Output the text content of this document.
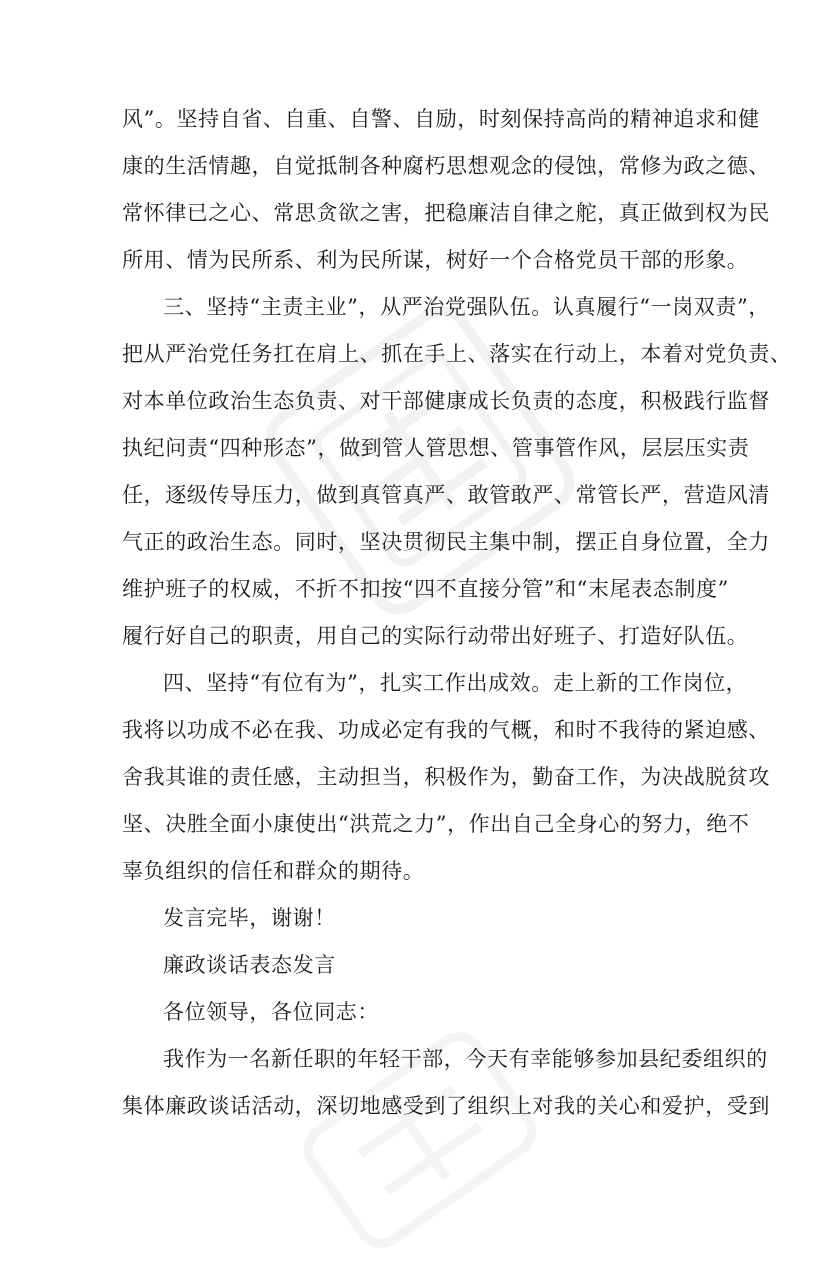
风”。坚持自省、自重、自警、自励，时刻保持高尚的精神追求和健
康的生活情趣，自觉抵制各种腐朽思想观念的侵蚀，常修为政之德、
常怀律已之心、常思贪欲之害，把稳廉洁自律之舵，真正做到权为民
所用、情为民所系、利为民所谋，树好一个合格党员干部的形象。
三、坚持“主责主业”，从严治党强队伍。认真履行“一岗双责”，
把从严治党任务扛在肩上、抓在手上、落实在行动上，本着对党负责、
对本单位政治生态负责、对干部健康成长负责的态度，积极践行监督
执纪问责“四种形态”，做到管人管思想、管事管作风，层层压实责
任，逐级传导压力，做到真管真严、敢管敢严、常管长严，营造风清
气正的政治生态。同时，坚决贯彻民主集中制，摆正自身位置，全力
维护班子的权威，不折不扣按“四不直接分管”和“末尾表态制度”
履行好自己的职责，用自己的实际行动带出好班子、打造好队伍。
四、坚持“有位有为”，扎实工作出成效。走上新的工作岗位，
我将以功成不必在我、功成必定有我的气概，和时不我待的紧迫感、
舍我其谁的责任感，主动担当，积极作为，勤奋工作，为决战脱贫攻
坚、决胜全面小康使出“洪荒之力”，作出自己全身心的努力，绝不
辜负组织的信任和群众的期待。
发言完毕，谢谢！
廉政谈话表态发言
各位领导，各位同志：
我作为一名新任职的年轻干部，今天有幸能够参加县纪委组织的
集体廉政谈话活动，深切地感受到了组织上对我的关心和爱护，受到
